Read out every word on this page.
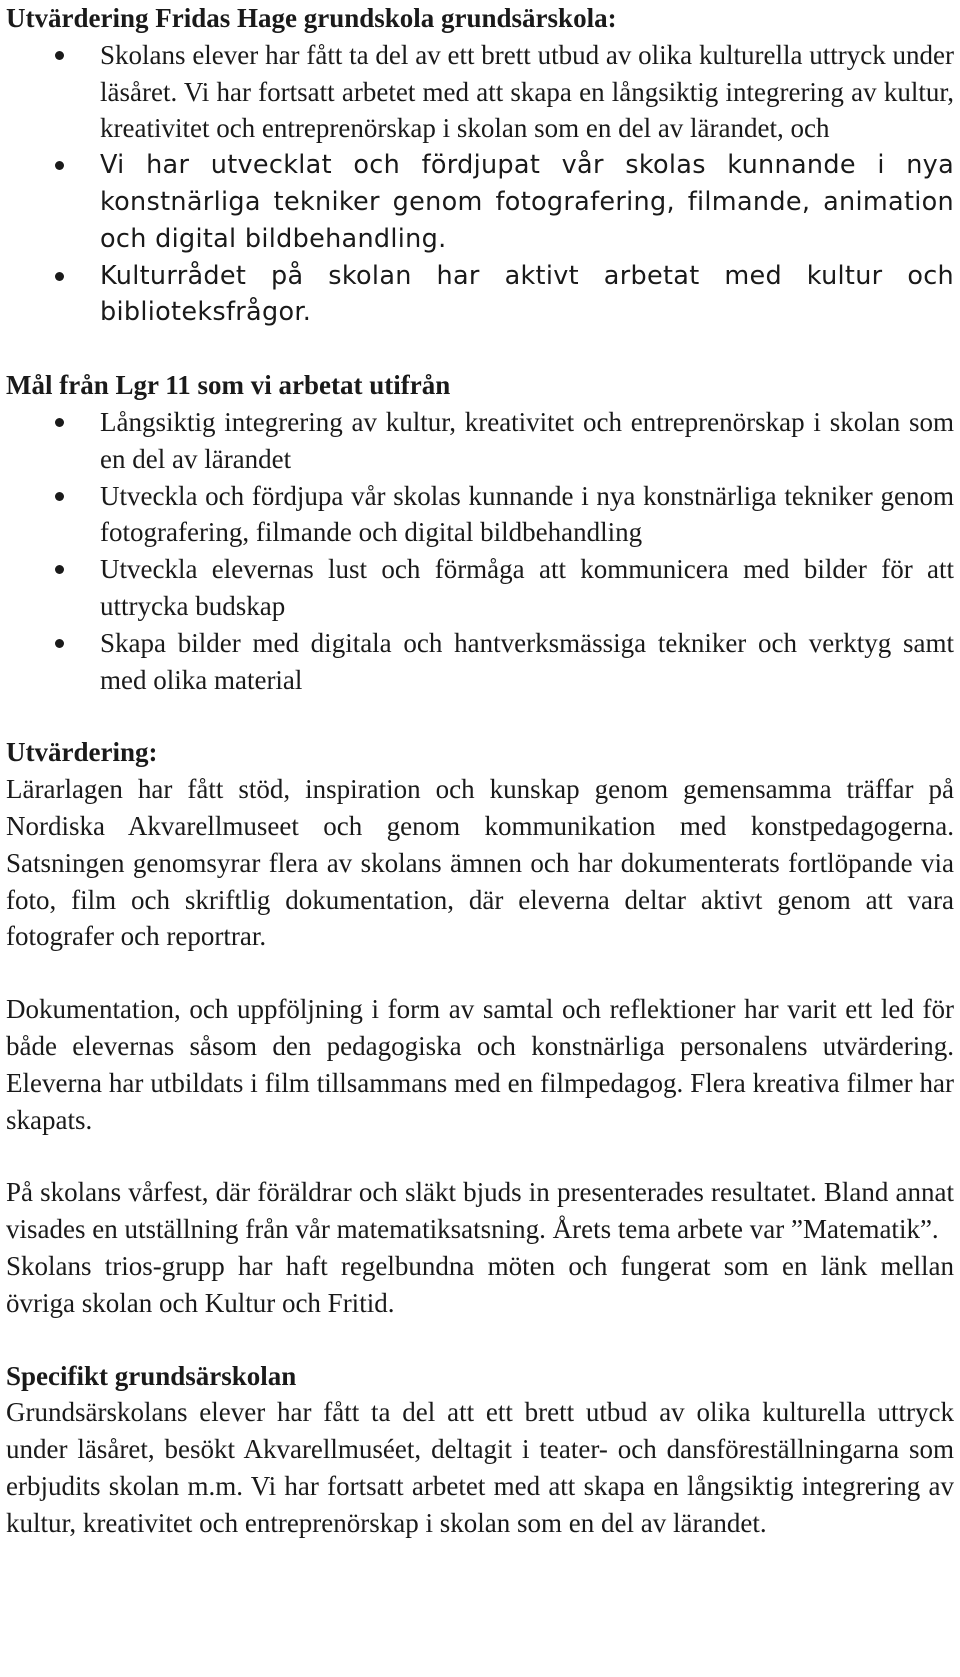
Utvärdering Fridas Hage grundskola grundsärskola:

Skolans elever har fått ta del av ett brett utbud av olika kulturella uttryck under läsåret. Vi har fortsatt arbetet med att skapa en långsiktig integrering av kultur, kreativitet och entreprenörskap i skolan som en del av lärandet, och
Vi har utvecklat och fördjupat vår skolas kunnande i nya konstnärliga tekniker genom fotografering, filmande, animation och digital bildbehandling.
Kulturrådet på skolan har aktivt arbetat med kultur och biblioteksfrågor.

Mål från Lgr 11 som vi arbetat utifrån

Långsiktig integrering av kultur, kreativitet och entreprenörskap i skolan som en del av lärandet
Utveckla och fördjupa vår skolas kunnande i nya konstnärliga tekniker genom fotografering, filmande och digital bildbehandling
Utveckla elevernas lust och förmåga att kommunicera med bilder för att uttrycka budskap
Skapa bilder med digitala och hantverksmässiga tekniker och verktyg samt med olika material

Utvärdering:

Lärarlagen har fått stöd, inspiration och kunskap genom gemensamma träffar på Nordiska Akvarellmuseet och genom kommunikation med konstpedagogerna. Satsningen genomsyrar flera av skolans ämnen och har dokumenterats fortlöpande via foto, film och skriftlig dokumentation, där eleverna deltar aktivt genom att vara fotografer och reportrar.

Dokumentation, och uppföljning i form av samtal och reflektioner har varit ett led för både elevernas såsom den pedagogiska och konstnärliga personalens utvärdering. Eleverna har utbildats i film tillsammans med en filmpedagog. Flera kreativa filmer har skapats.

På skolans vårfest, där föräldrar och släkt bjuds in presenterades resultatet. Bland annat visades en utställning från vår matematiksatsning. Årets tema arbete var ”Matematik”.

Skolans trios-grupp har haft regelbundna möten och fungerat som en länk mellan övriga skolan och Kultur och Fritid.

Specifikt grundsärskolan

Grundsärskolans elever har fått ta del att ett brett utbud av olika kulturella uttryck under läsåret, besökt Akvarellmuséet, deltagit i teater- och dansföreställningarna som erbjudits skolan m.m. Vi har fortsatt arbetet med att skapa en långsiktig integrering av kultur, kreativitet och entreprenörskap i skolan som en del av lärandet.
